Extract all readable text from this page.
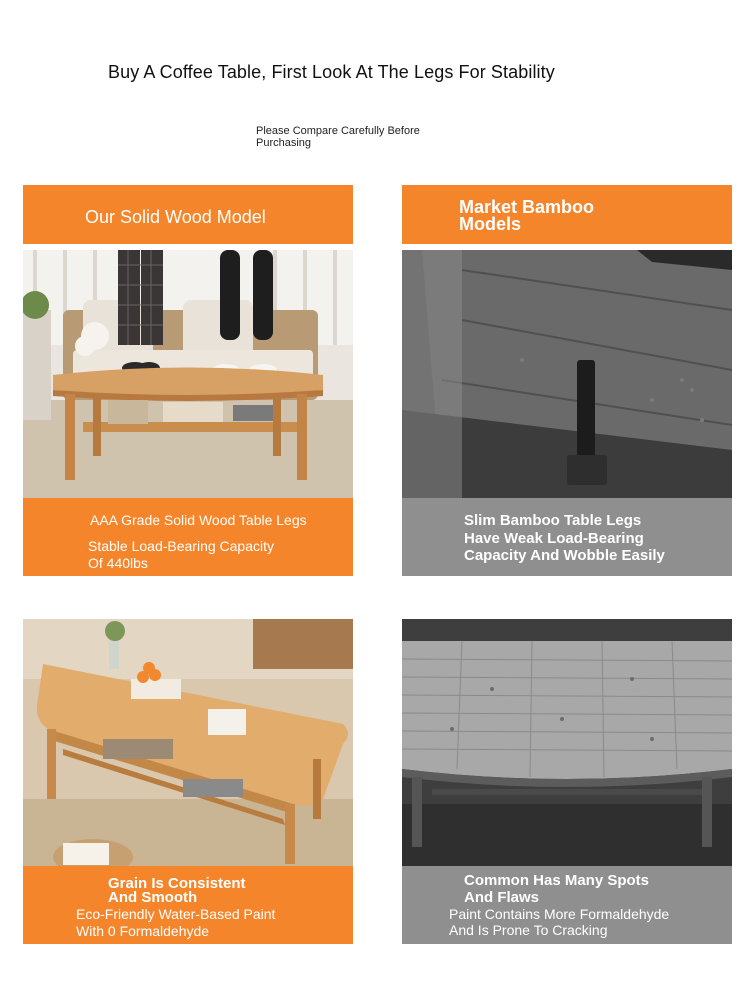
Buy A Coffee Table, First Look At The Legs For Stability
Please Compare Carefully Before Purchasing
Our Solid Wood Model	Market Bamboo
Models
AAA Grade Solid Wood Table Legs
Stable Load-Bearing Capacity
Of 440lbs
Slim Bamboo Table Legs
Have Weak Load-Bearing
Capacity And Wobble Easily
Grain Is Consistent
And Smooth
Eco-Friendly Water-Based Paint
With 0 Formaldehyde
Common Has Many Spots
And Flaws
Paint Contains More Formaldehyde
And Is Prone To Cracking
